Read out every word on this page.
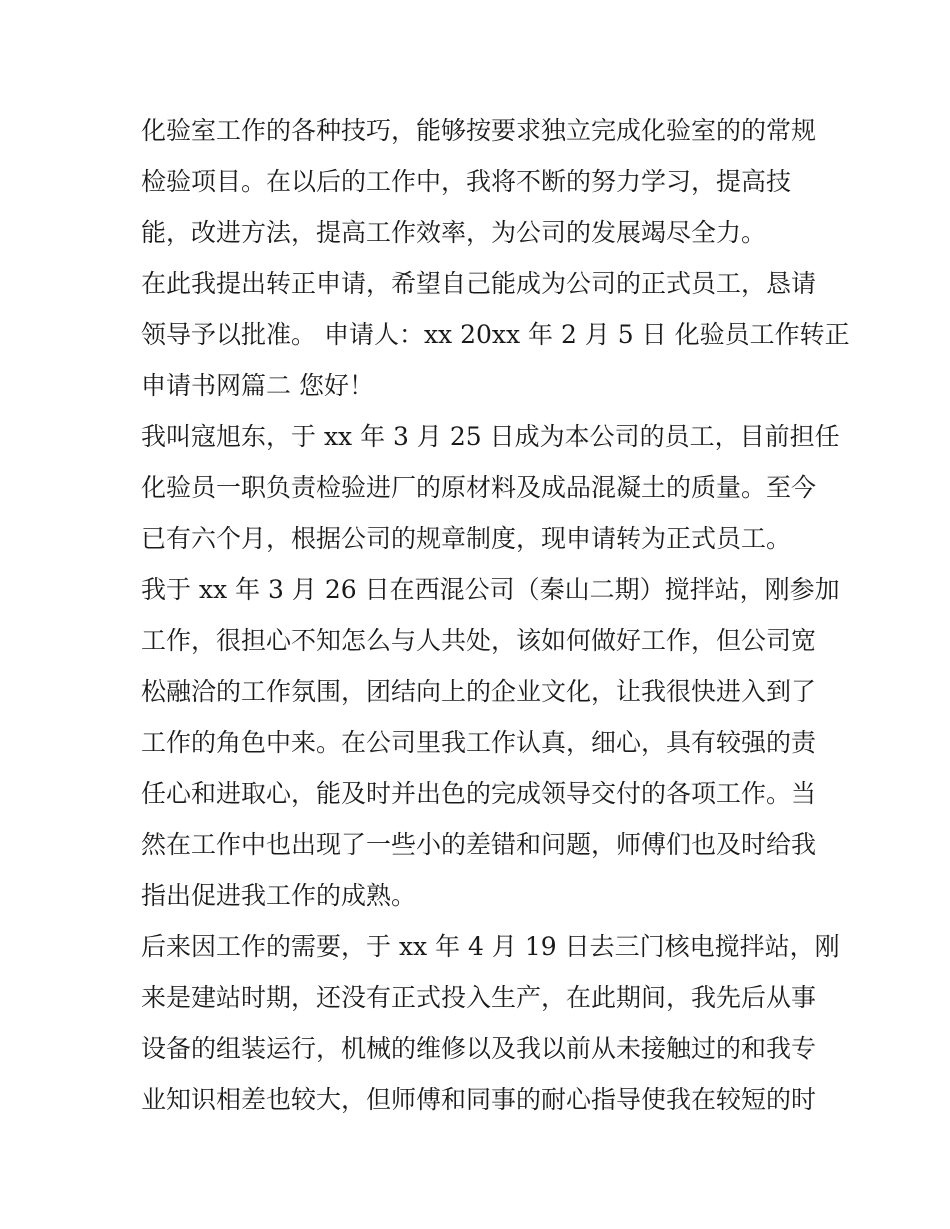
化验室工作的各种技巧，能够按要求独立完成化验室的的常规
检验项目。在以后的工作中，我将不断的努力学习，提高技
能，改进方法，提高工作效率，为公司的发展竭尽全力。
在此我提出转正申请，希望自己能成为公司的正式员工，恳请
领导予以批准。 申请人：xx 20xx 年 2 月 5 日 化验员工作转正
申请书网篇二 您好！
我叫寇旭东，于 xx 年 3 月 25 日成为本公司的员工，目前担任
化验员一职负责检验进厂的原材料及成品混凝土的质量。至今
已有六个月，根据公司的规章制度，现申请转为正式员工。
我于 xx 年 3 月 26 日在西混公司（秦山二期）搅拌站，刚参加
工作，很担心不知怎么与人共处，该如何做好工作，但公司宽
松融洽的工作氛围，团结向上的企业文化，让我很快进入到了
工作的角色中来。在公司里我工作认真，细心，具有较强的责
任心和进取心，能及时并出色的完成领导交付的各项工作。当
然在工作中也出现了一些小的差错和问题，师傅们也及时给我
指出促进我工作的成熟。
后来因工作的需要，于 xx 年 4 月 19 日去三门核电搅拌站，刚
来是建站时期，还没有正式投入生产，在此期间，我先后从事
设备的组装运行，机械的维修以及我以前从未接触过的和我专
业知识相差也较大，但师傅和同事的耐心指导使我在较短的时
